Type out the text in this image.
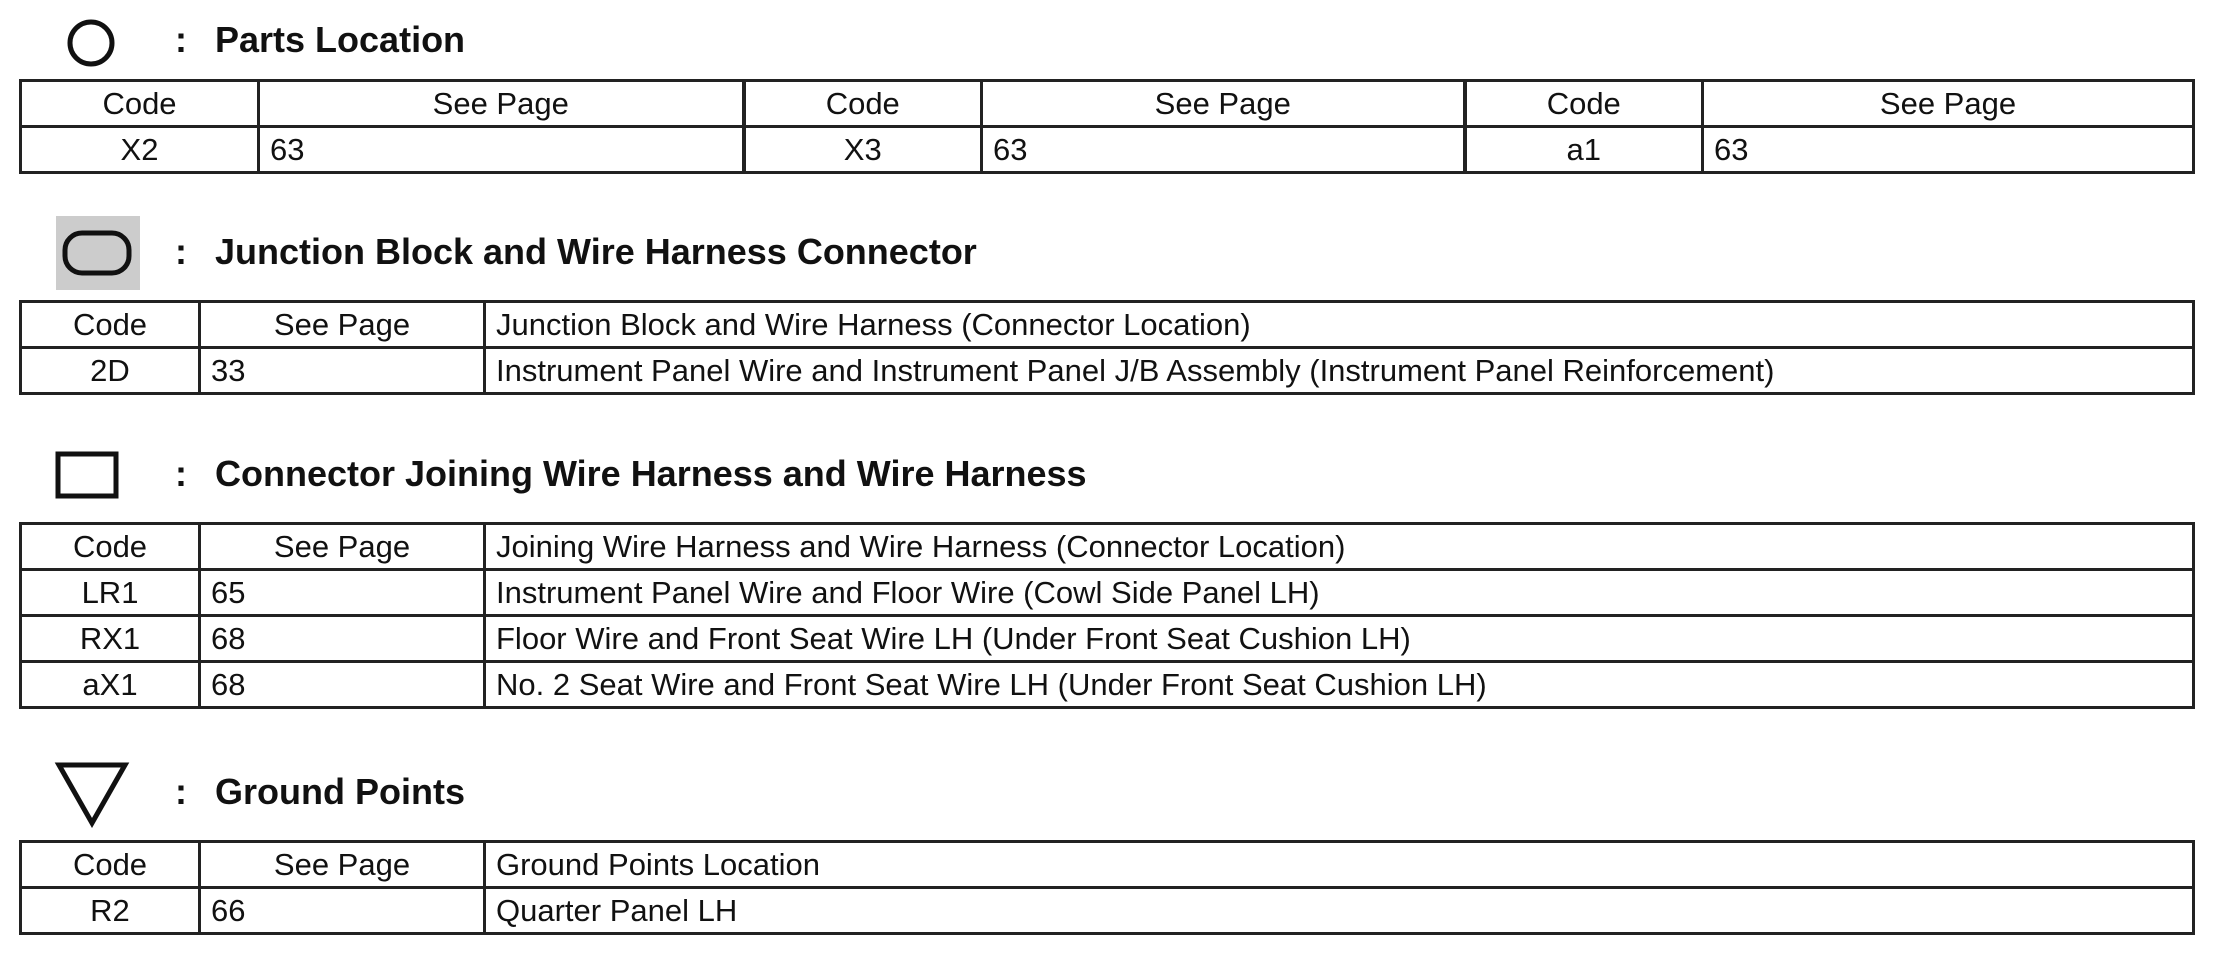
: Parts Location
Code	See Page	Code	See Page	Code	See Page
X2	63	X3	63	a1	63
: Junction Block and Wire Harness Connector
Code	See Page	Junction Block and Wire Harness (Connector Location)
2D	33	Instrument Panel Wire and Instrument Panel J/B Assembly (Instrument Panel Reinforcement)
: Connector Joining Wire Harness and Wire Harness
Code	See Page	Joining Wire Harness and Wire Harness (Connector Location)
LR1	65	Instrument Panel Wire and Floor Wire (Cowl Side Panel LH)
RX1	68	Floor Wire and Front Seat Wire LH (Under Front Seat Cushion LH)
aX1	68	No. 2 Seat Wire and Front Seat Wire LH (Under Front Seat Cushion LH)
: Ground Points
Code	See Page	Ground Points Location
R2	66	Quarter Panel LH
